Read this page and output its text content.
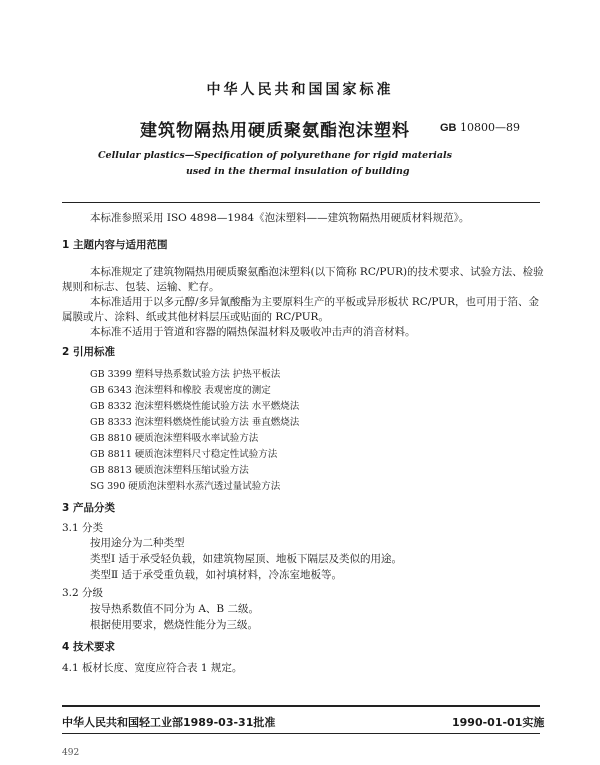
中华人民共和国国家标准
建筑物隔热用硬质聚氨酯泡沫塑料	GB 10800—89
Cellular plastics—Specification of polyurethane for rigid materials
used in the thermal insulation of building
本标准参照采用 ISO 4898—1984《泡沫塑料——建筑物隔热用硬质材料规范》。
1 主题内容与适用范围
本标准规定了建筑物隔热用硬质聚氨酯泡沫塑料(以下简称 RC/PUR)的技术要求、试验方法、检验
规则和标志、包装、运输、贮存。
本标准适用于以多元醇/多异氰酸酯为主要原料生产的平板或异形板状 RC/PUR，也可用于箔、金
属膜或片、涂料、纸或其他材料层压或贴面的 RC/PUR。
本标准不适用于管道和容器的隔热保温材料及吸收冲击声的消音材料。
2 引用标准
GB 3399 塑料导热系数试验方法 护热平板法
GB 6343 泡沫塑料和橡胶 表观密度的测定
GB 8332 泡沫塑料燃烧性能试验方法 水平燃烧法
GB 8333 泡沫塑料燃烧性能试验方法 垂直燃烧法
GB 8810 硬质泡沫塑料吸水率试验方法
GB 8811 硬质泡沫塑料尺寸稳定性试验方法
GB 8813 硬质泡沫塑料压缩试验方法
SG 390 硬质泡沫塑料水蒸汽透过量试验方法
3 产品分类
3.1 分类
按用途分为二种类型
类型Ⅰ 适于承受轻负载，如建筑物屋顶、地板下隔层及类似的用途。
类型Ⅱ 适于承受重负载，如衬填材料，冷冻室地板等。
3.2 分级
按导热系数值不同分为 A、B 二级。
根据使用要求，燃烧性能分为三级。
4 技术要求
4.1 板材长度、宽度应符合表 1 规定。
中华人民共和国轻工业部1989-03-31批准	1990-01-01实施
492
